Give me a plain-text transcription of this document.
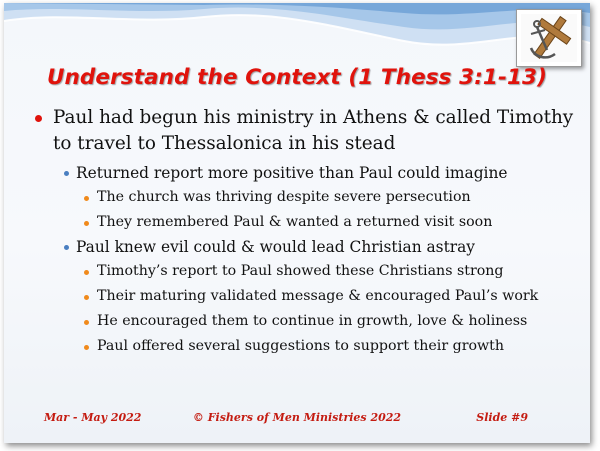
Understand the Context (1 Thess 3:1-13)
Paul had begun his ministry in Athens & called Timothy to travel to Thessalonica in his stead
Returned report more positive than Paul could imagine
The church was thriving despite severe persecution
They remembered Paul & wanted a returned visit soon
Paul knew evil could & would lead Christian astray
Timothy’s report to Paul showed these Christians strong
Their maturing validated message & encouraged Paul’s work
He encouraged them to continue in growth, love & holiness
Paul offered several suggestions to support their growth
Mar - May 2022	© Fishers of Men Ministries 2022	Slide #9
